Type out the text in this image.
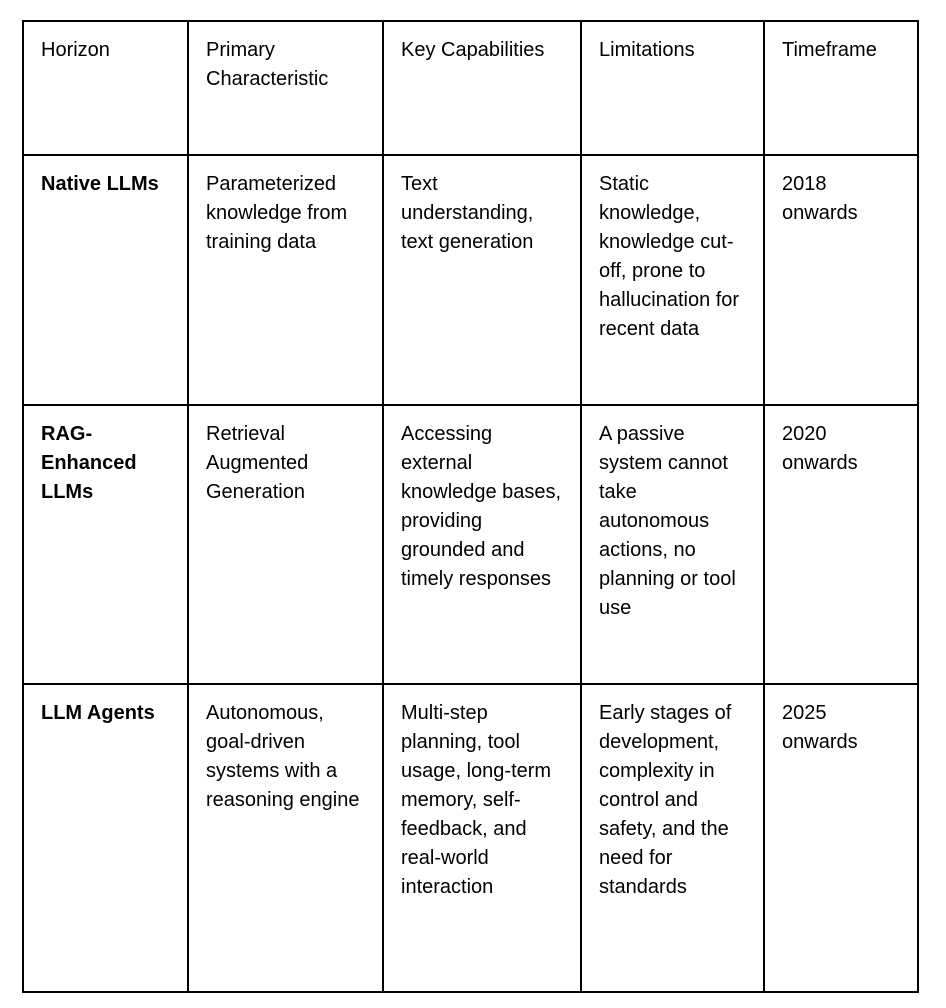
Horizon	Primary Characteristic	Key Capabilities	Limitations	Timeframe
Native LLMs	Parameterized knowledge from training data	Text understanding, text generation	Static knowledge, knowledge cut-off, prone to hallucination for recent data	2018 onwards
RAG-Enhanced LLMs	Retrieval Augmented Generation	Accessing external knowledge bases, providing grounded and timely responses	A passive system cannot take autonomous actions, no planning or tool use	2020 onwards
LLM Agents	Autonomous, goal-driven systems with a reasoning engine	Multi-step planning, tool usage, long-term memory, self-feedback, and real-world interaction	Early stages of development, complexity in control and safety, and the need for standards	2025 onwards
